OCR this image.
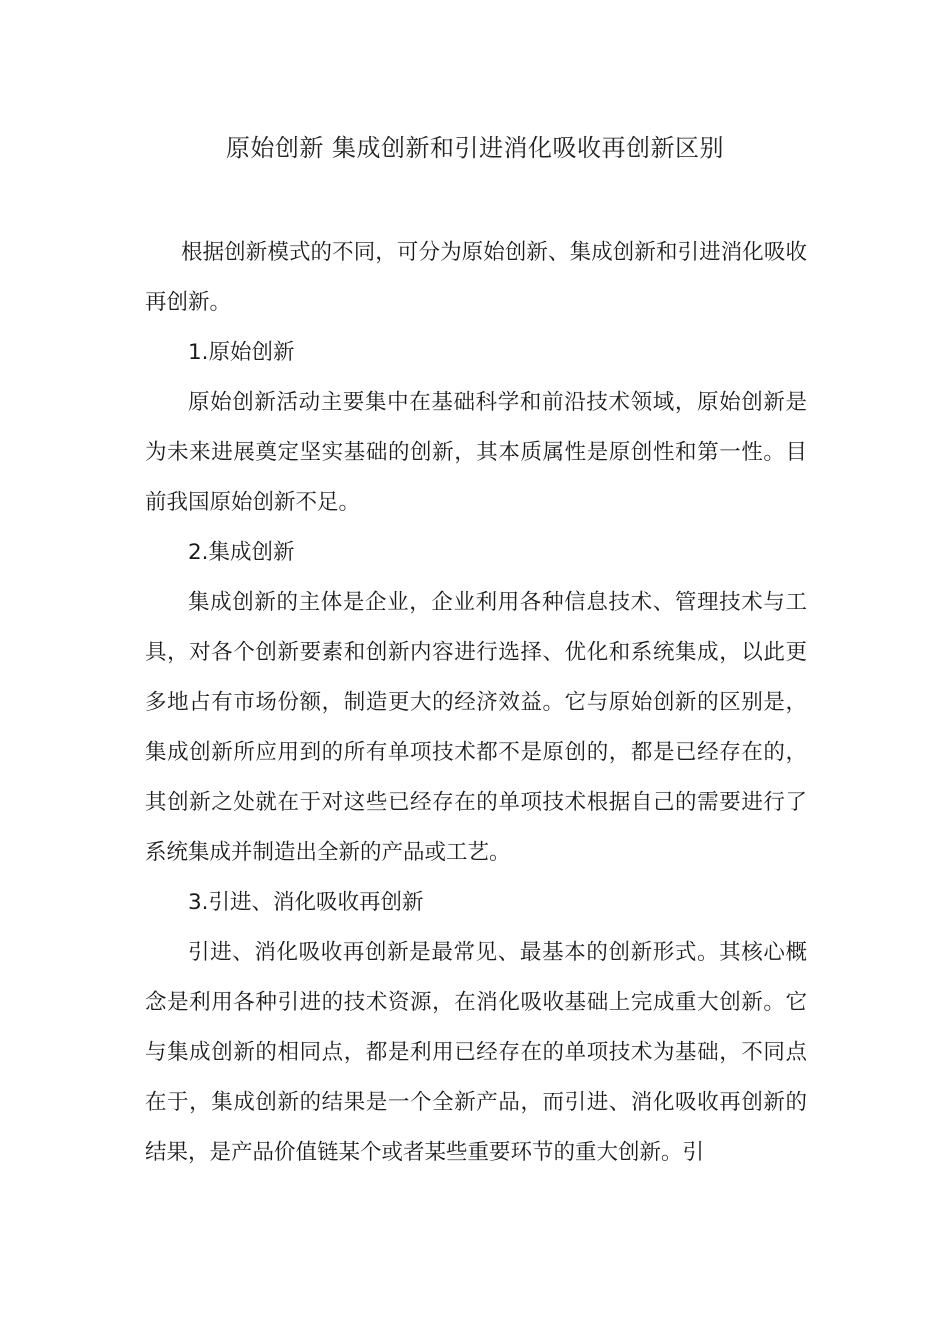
原始创新 集成创新和引进消化吸收再创新区别

根据创新模式的不同，可分为原始创新、集成创新和引进消化吸收再创新。

1.原始创新

原始创新活动主要集中在基础科学和前沿技术领域，原始创新是为未来进展奠定坚实基础的创新，其本质属性是原创性和第一性。目前我国原始创新不足。

2.集成创新

集成创新的主体是企业，企业利用各种信息技术、管理技术与工具，对各个创新要素和创新内容进行选择、优化和系统集成，以此更多地占有市场份额，制造更大的经济效益。它与原始创新的区别是，集成创新所应用到的所有单项技术都不是原创的，都是已经存在的，其创新之处就在于对这些已经存在的单项技术根据自己的需要进行了系统集成并制造出全新的产品或工艺。

3.引进、消化吸收再创新

引进、消化吸收再创新是最常见、最基本的创新形式。其核心概念是利用各种引进的技术资源，在消化吸收基础上完成重大创新。它与集成创新的相同点，都是利用已经存在的单项技术为基础，不同点在于，集成创新的结果是一个全新产品，而引进、消化吸收再创新的结果，是产品价值链某个或者某些重要环节的重大创新。引
